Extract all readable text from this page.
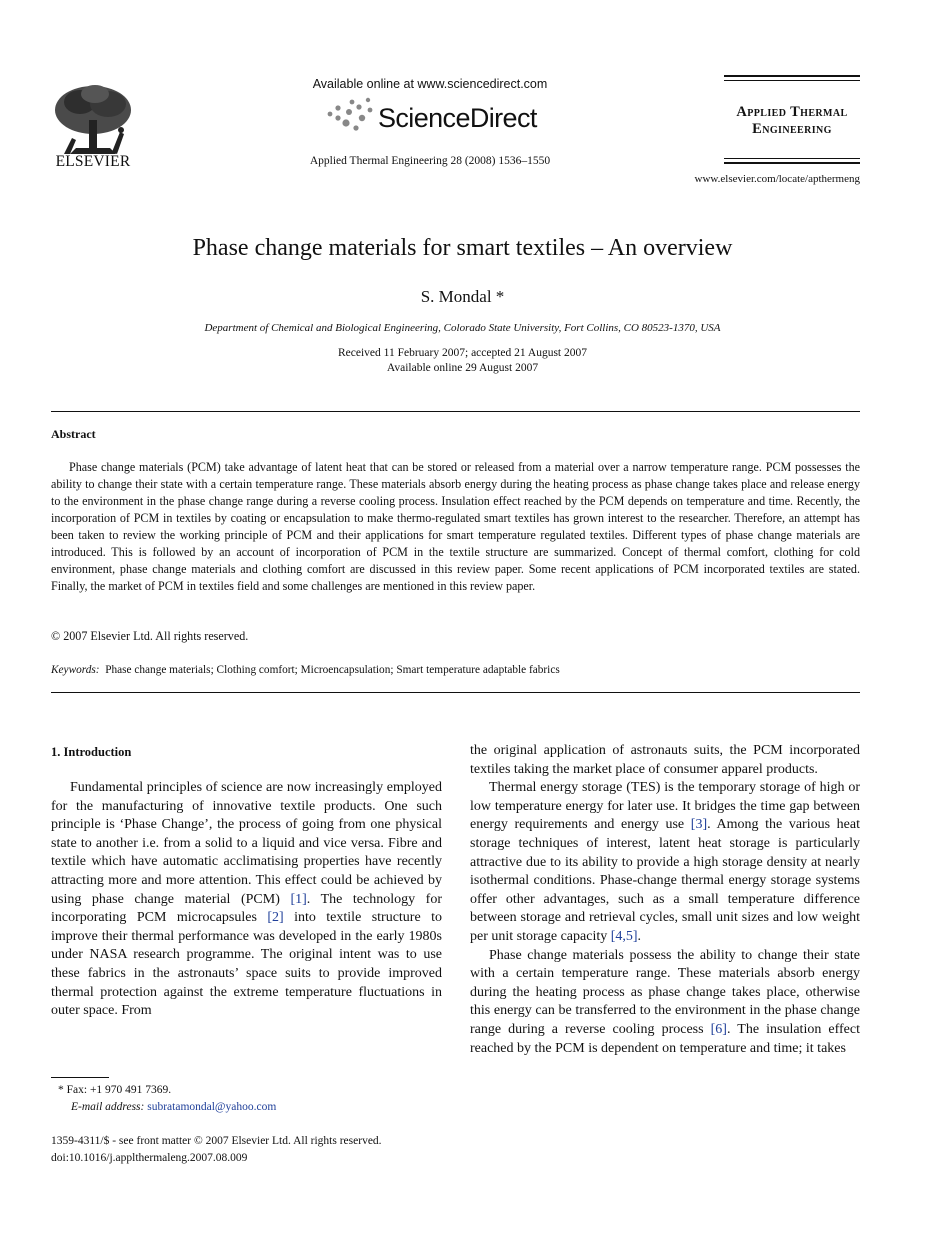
ELSEVIER
Available online at www.sciencedirect.com
ScienceDirect
Applied Thermal Engineering 28 (2008) 1536–1550
Applied Thermal
Engineering
www.elsevier.com/locate/apthermeng
Phase change materials for smart textiles – An overview
S. Mondal *
Department of Chemical and Biological Engineering, Colorado State University, Fort Collins, CO 80523-1370, USA
Received 11 February 2007; accepted 21 August 2007
Available online 29 August 2007
Abstract
Phase change materials (PCM) take advantage of latent heat that can be stored or released from a material over a narrow temperature range. PCM possesses the ability to change their state with a certain temperature range. These materials absorb energy during the heating process as phase change takes place and release energy to the environment in the phase change range during a reverse cooling process. Insulation effect reached by the PCM depends on temperature and time. Recently, the incorporation of PCM in textiles by coating or encapsulation to make thermo-regulated smart textiles has grown interest to the researcher. Therefore, an attempt has been taken to review the working principle of PCM and their applications for smart temperature regulated textiles. Different types of phase change materials are introduced. This is followed by an account of incorporation of PCM in the textile structure are summarized. Concept of thermal comfort, clothing for cold environment, phase change materials and clothing comfort are discussed in this review paper. Some recent applications of PCM incorporated textiles are stated. Finally, the market of PCM in textiles field and some challenges are mentioned in this review paper.
© 2007 Elsevier Ltd. All rights reserved.
Keywords: Phase change materials; Clothing comfort; Microencapsulation; Smart temperature adaptable fabrics
1. Introduction

Fundamental principles of science are now increasingly employed for the manufacturing of innovative textile products. One such principle is ‘Phase Change’, the process of going from one physical state to another i.e. from a solid to a liquid and vice versa. Fibre and textile which have automatic acclimatising properties have recently attracting more and more attention. This effect could be achieved by using phase change material (PCM) [1]. The technology for incorporating PCM microcapsules [2] into textile structure to improve their thermal performance was developed in the early 1980s under NASA research programme. The original intent was to use these fabrics in the astronauts’ space suits to provide improved thermal protection against the extreme temperature fluctuations in outer space. From

the original application of astronauts suits, the PCM incorporated textiles taking the market place of consumer apparel products.

Thermal energy storage (TES) is the temporary storage of high or low temperature energy for later use. It bridges the time gap between energy requirements and energy use [3]. Among the various heat storage techniques of interest, latent heat storage is particularly attractive due to its ability to provide a high storage density at nearly isothermal conditions. Phase-change thermal energy storage systems offer other advantages, such as a small temperature difference between storage and retrieval cycles, small unit sizes and low weight per unit storage capacity [4,5].

Phase change materials possess the ability to change their state with a certain temperature range. These materials absorb energy during the heating process as phase change takes place, otherwise this energy can be transferred to the environment in the phase change range during a reverse cooling process [6]. The insulation effect reached by the PCM is dependent on temperature and time; it takes

* Fax: +1 970 491 7369.
E-mail address: subratamondal@yahoo.com
1359-4311/$ - see front matter © 2007 Elsevier Ltd. All rights reserved.
doi:10.1016/j.applthermaleng.2007.08.009
